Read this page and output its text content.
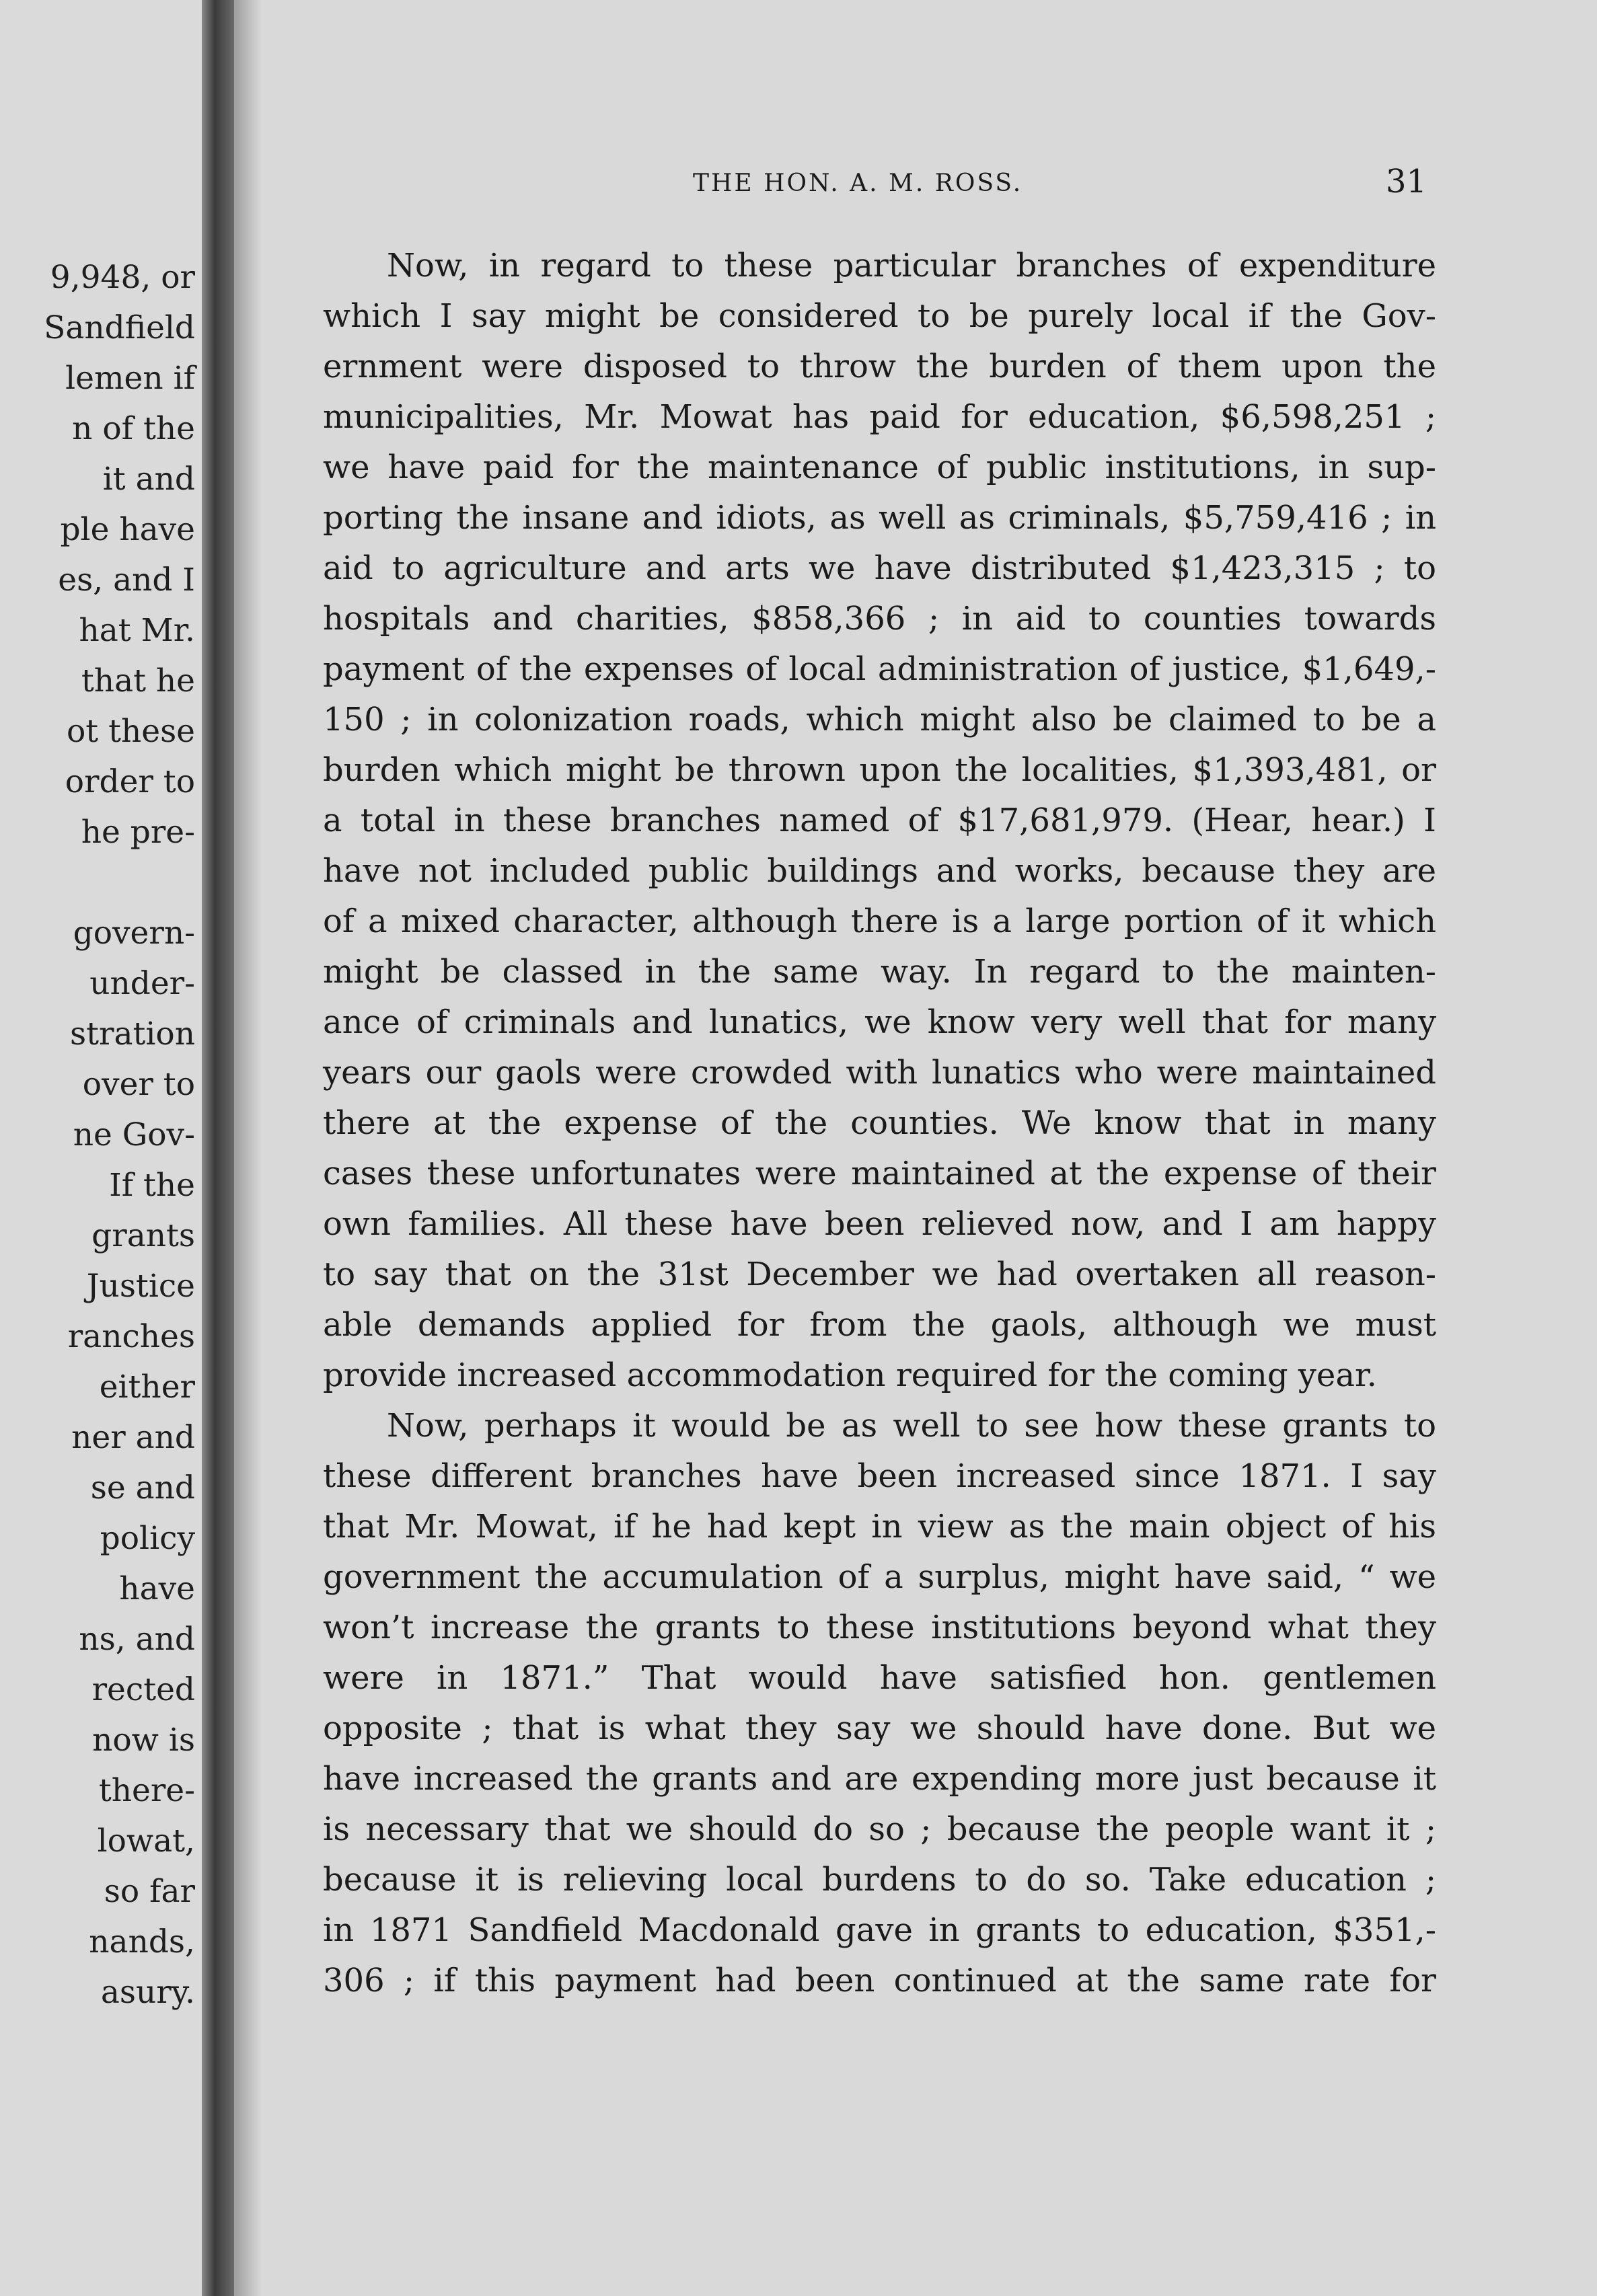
9,948, or
Sandfield
lemen if
n of the
it and
ple have
es, and I
hat Mr.
that he
ot these
order to
he pre-
govern-
under-
stration
over to
ne Gov-
If the
grants
Justice
ranches
either
ner and
se and
policy
have
ns, and
rected
now is
there-
lowat,
so far
nands,
asury.
THE HON. A. M. ROSS.	31
Now, in regard to these particular branches of expenditure
which I say might be considered to be purely local if the Gov-
ernment were disposed to throw the burden of them upon the
municipalities, Mr. Mowat has paid for education, $6,598,251 ;
we have paid for the maintenance of public institutions, in sup-
porting the insane and idiots, as well as criminals, $5,759,416 ; in
aid to agriculture and arts we have distributed $1,423,315 ; to
hospitals and charities, $858,366 ; in aid to counties towards
payment of the expenses of local administration of justice, $1,649,-
150 ; in colonization roads, which might also be claimed to be a
burden which might be thrown upon the localities, $1,393,481, or
a total in these branches named of $17,681,979. (Hear, hear.) I
have not included public buildings and works, because they are
of a mixed character, although there is a large portion of it which
might be classed in the same way. In regard to the mainten-
ance of criminals and lunatics, we know very well that for many
years our gaols were crowded with lunatics who were maintained
there at the expense of the counties. We know that in many
cases these unfortunates were maintained at the expense of their
own families. All these have been relieved now, and I am happy
to say that on the 31st December we had overtaken all reason-
able demands applied for from the gaols, although we must
provide increased accommodation required for the coming year.
Now, perhaps it would be as well to see how these grants to
these different branches have been increased since 1871. I say
that Mr. Mowat, if he had kept in view as the main object of his
government the accumulation of a surplus, might have said, “ we
won’t increase the grants to these institutions beyond what they
were in 1871.” That would have satisfied hon. gentlemen
opposite ; that is what they say we should have done. But we
have increased the grants and are expending more just because it
is necessary that we should do so ; because the people want it ;
because it is relieving local burdens to do so. Take education ;
in 1871 Sandfield Macdonald gave in grants to education, $351,-
306 ; if this payment had been continued at the same rate for
